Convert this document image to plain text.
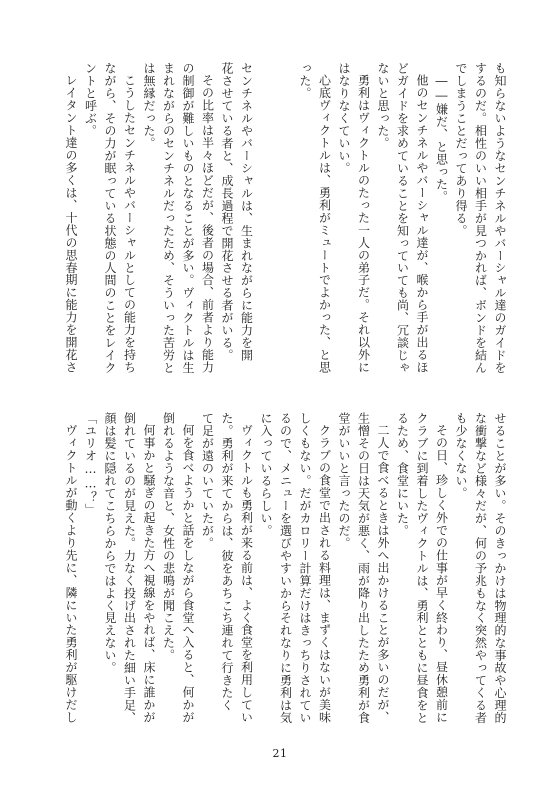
も知らないようなセンチネルやバーシャル達のガイドを
するのだ。相性のいい相手が見つかれば、ボンドを結ん
でしまうことだってあり得る。
――嫌だ、と思った。
他のセンチネルやバーシャル達が、喉から手が出るほ
どガイドを求めていることを知っていても尚、冗談じゃ
ないと思った。
勇利はヴィクトルのたった一人の弟子だ。それ以外に
はなりなくていい。
心底ヴィクトルは、勇利がミュートでよかった、と思
った。
センチネルやバーシャルは、生まれながらに能力を開
花させている者と、成長過程で開花させる者がいる。
その比率は半々ほどだが、後者の場合、前者より能力
の制御が難しいものとなることが多い。ヴィクトルは生
まれながらのセンチネルだったため、そういった苦労と
は無縁だった。
こうしたセンチネルやバーシャルとしての能力を持ち
ながら、その力が眠っている状態の人間のことをレイク
ントと呼ぶ。
レイタント達の多くは、十代の思春期に能力を開花さ
せることが多い。そのきっかけは物理的な事故や心理的
な衝撃など様々だが、何の予兆もなく突然やってくる者
も少なくない。
その日、珍しく外での仕事が早く終わり、昼休憩前に
クラブに到着したヴィクトルは、勇利とともに昼食をと
るため、食堂にいた。
二人で食べるときは外へ出かけることが多いのだが、
生憎その日は天気が悪く、雨が降り出したため勇利が食
堂がいいと言ったのだ。
クラブの食堂で出される料理は、まずくはないが美味
しくもない。だがカロリー計算だけはきっちりされてい
るので、メニューを選びやすいからそれなりに勇利は気
に入っているらしい。
ヴィクトルも勇利が来る前は、よく食堂を利用してい
た。勇利が来てからは、彼をあちこち連れて行きたく
て足が遠のいていたが。
何を食べようかと話をしながら食堂へ入ると、何かが
倒れるような音と、女性の悲鳴が聞こえた。
何事かと騒ぎの起きた方へ視線をやれば、床に誰かが
倒れているのが見えた。力なく投げ出された細い手足、
顔は髪に隠れてこちらからではよく見えない。
「ユリオ……？」
ヴィクトルが動くより先に、隣にいた勇利が駆けだし
21
